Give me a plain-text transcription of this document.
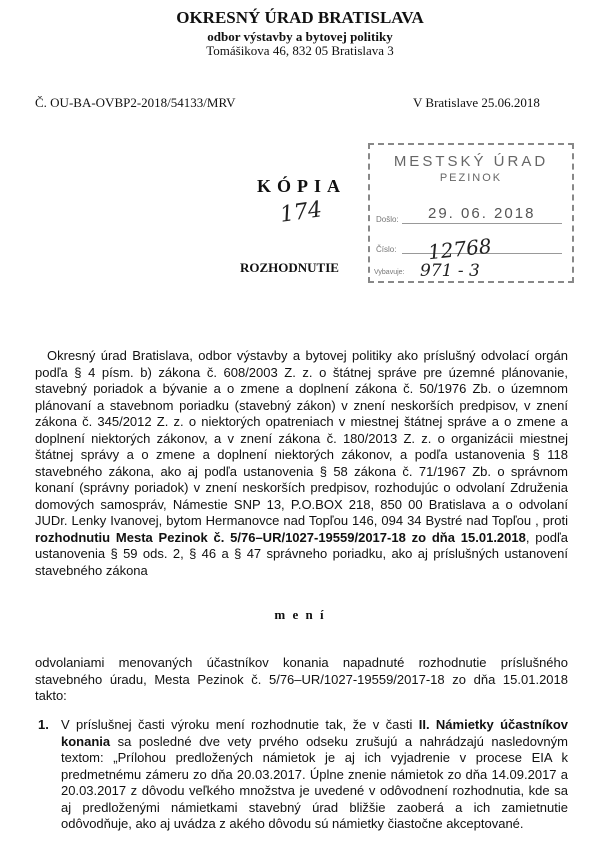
OKRESNÝ ÚRAD BRATISLAVA
odbor výstavby a bytovej politiky
Tomášikova 46, 832 05 Bratislava 3
Č. OU-BA-OVBP2-2018/54133/MRV	V Bratislave 25.06.2018
KÓPIA
174
ROZHODNUTIE
MESTSKÝ ÚRAD
PEZINOK
Došlo: 29. 06. 2018
Číslo: 12768
Vybavuje: 971 - 3

Okresný úrad Bratislava, odbor výstavby a bytovej politiky ako príslušný odvolací orgán podľa § 4 písm. b) zákona č. 608/2003 Z. z. o štátnej správe pre územné plánovanie, stavebný poriadok a bývanie a o zmene a doplnení zákona č. 50/1976 Zb. o územnom plánovaní a stavebnom poriadku (stavebný zákon) v znení neskorších predpisov, v znení zákona č. 345/2012 Z. z. o niektorých opatreniach v miestnej štátnej správe a o zmene a doplnení niektorých zákonov, a v znení zákona č. 180/2013 Z. z. o organizácii miestnej štátnej správy a o zmene a doplnení niektorých zákonov, a podľa ustanovenia § 118 stavebného zákona, ako aj podľa ustanovenia § 58 zákona č. 71/1967 Zb. o správnom konaní (správny poriadok) v znení neskorších predpisov, rozhodujúc o odvolaní Združenia domových samospráv, Námestie SNP 13, P.O.BOX 218, 850 00 Bratislava a o odvolaní JUDr. Lenky Ivanovej, bytom Hermanovce nad Topľou 146, 094 34 Bystré nad Topľou , proti rozhodnutiu Mesta Pezinok č. 5/76–UR/1027-19559/2017-18 zo dňa 15.01.2018, podľa ustanovenia § 59 ods. 2, § 46 a § 47 správneho poriadku, ako aj príslušných ustanovení stavebného zákona

m e n í

odvolaniami menovaných účastníkov konania napadnuté rozhodnutie príslušného stavebného úradu, Mesta Pezinok č. 5/76–UR/1027-19559/2017-18 zo dňa 15.01.2018 takto:

1. V príslušnej časti výroku mení rozhodnutie tak, že v časti II. Námietky účastníkov konania sa posledné dve vety prvého odseku zrušujú a nahrádzajú nasledovným textom: „Prílohou predložených námietok je aj ich vyjadrenie v procese EIA k predmetnému zámeru zo dňa 20.03.2017. Úplne znenie námietok zo dňa 14.09.2017 a 20.03.2017 z dôvodu veľkého množstva je uvedené v odôvodnení rozhodnutia, kde sa aj predloženými námietkami stavebný úrad bližšie zaoberá a ich zamietnutie odôvodňuje, ako aj uvádza z akého dôvodu sú námietky čiastočne akceptované.
